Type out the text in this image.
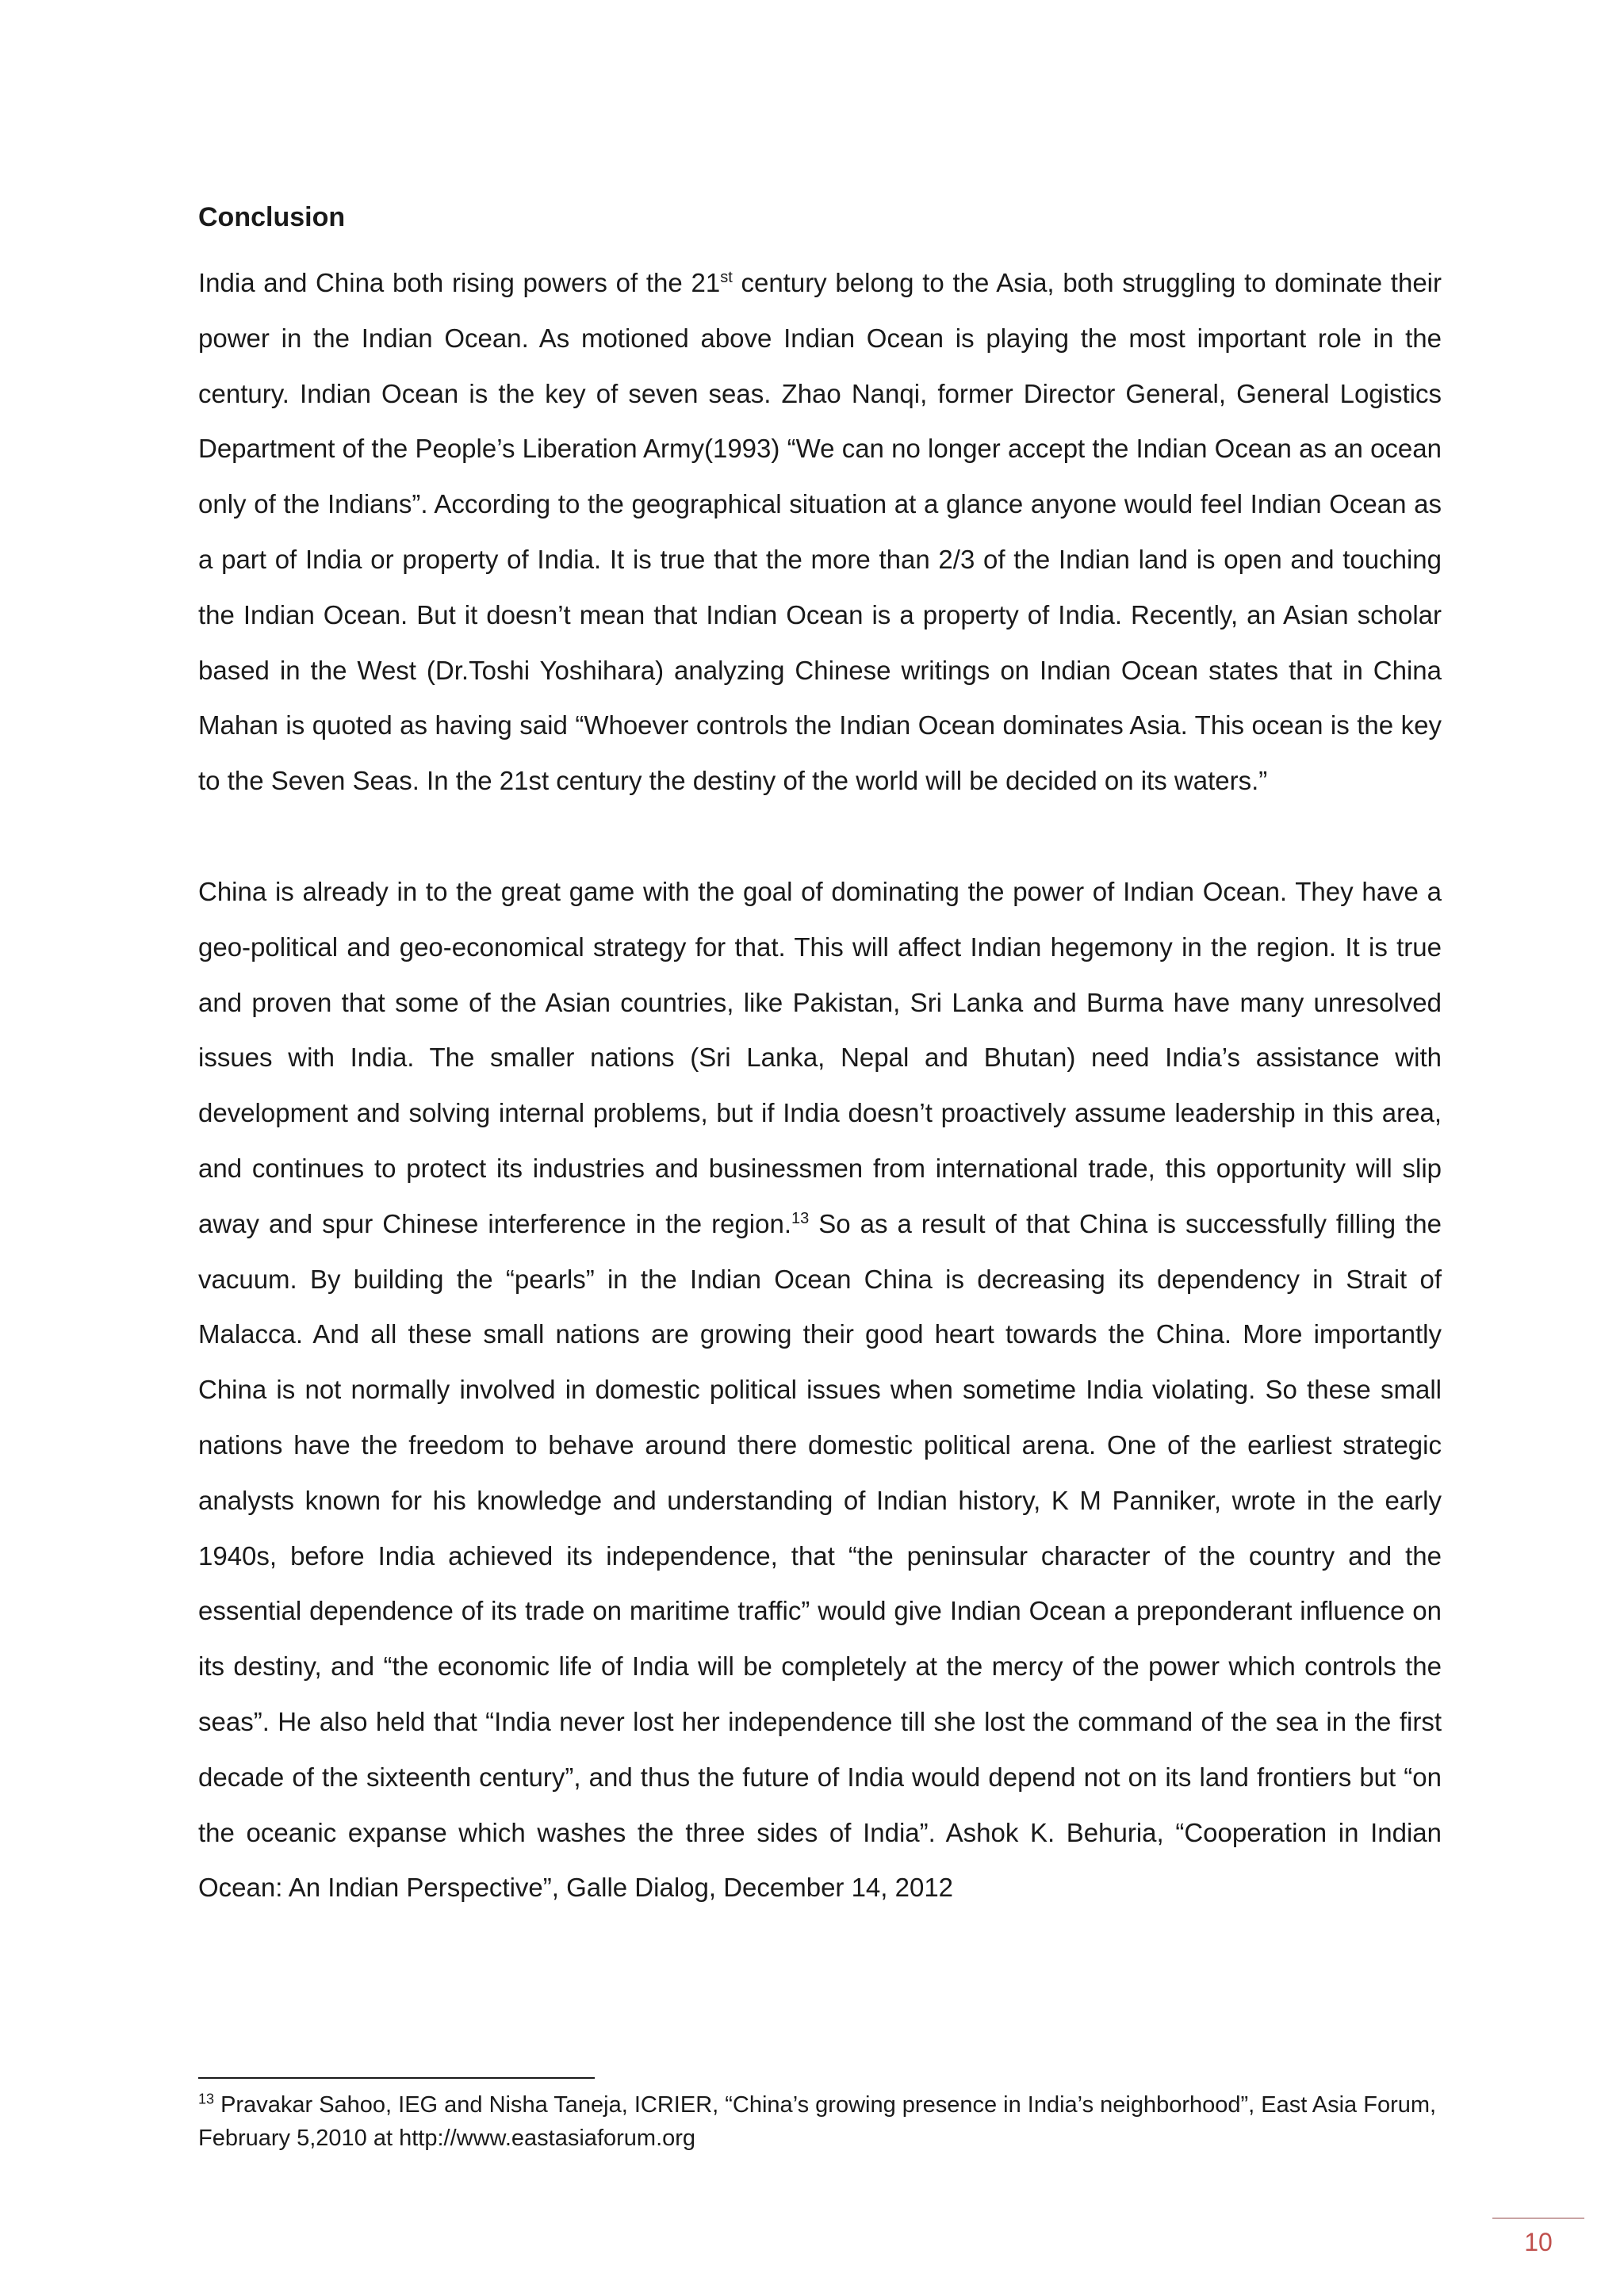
Conclusion

India and China both rising powers of the 21st century belong to the Asia, both struggling to dominate their power in the Indian Ocean. As motioned above Indian Ocean is playing the most important role in the century. Indian Ocean is the key of seven seas. Zhao Nanqi, former Director General, General Logistics Department of the People’s Liberation Army(1993) “We can no longer accept the Indian Ocean as an ocean only of the Indians”. According to the geographical situation at a glance anyone would feel Indian Ocean as a part of India or property of India. It is true that the more than 2/3 of the Indian land is open and touching the Indian Ocean. But it doesn’t mean that Indian Ocean is a property of India. Recently, an Asian scholar based in the West (Dr.Toshi Yoshihara) analyzing Chinese writings on Indian Ocean states that in China Mahan is quoted as having said “Whoever controls the Indian Ocean dominates Asia. This ocean is the key to the Seven Seas. In the 21st century the destiny of the world will be decided on its waters.”

China is already in to the great game with the goal of dominating the power of Indian Ocean. They have a geo-political and geo-economical strategy for that. This will affect Indian hegemony in the region. It is true and proven that some of the Asian countries, like Pakistan, Sri Lanka and Burma have many unresolved issues with India. The smaller nations (Sri Lanka, Nepal and Bhutan) need India’s assistance with development and solving internal problems, but if India doesn’t proactively assume leadership in this area, and continues to protect its industries and businessmen from international trade, this opportunity will slip away and spur Chinese interference in the region.$^{13}$ So as a result of that China is successfully filling the vacuum. By building the “pearls” in the Indian Ocean China is decreasing its dependency in Strait of Malacca. And all these small nations are growing their good heart towards the China. More importantly China is not normally involved in domestic political issues when sometime India violating. So these small nations have the freedom to behave around there domestic political arena. One of the earliest strategic analysts known for his knowledge and understanding of Indian history, K M Panniker, wrote in the early 1940s, before India achieved its independence, that “the peninsular character of the country and the essential dependence of its trade on maritime traffic” would give Indian Ocean a preponderant influence on its destiny, and “the economic life of India will be completely at the mercy of the power which controls the seas”. He also held that “India never lost her independence till she lost the command of the sea in the first decade of the sixteenth century”, and thus the future of India would depend not on its land frontiers but “on the oceanic expanse which washes the three sides of India”. Ashok K. Behuria, “Cooperation in Indian Ocean: An Indian Perspective”, Galle Dialog, December 14, 2012

$^{13}$ Pravakar Sahoo, IEG and Nisha Taneja, ICRIER, “China’s growing presence in India’s neighborhood”, East Asia Forum, February 5,2010 at http://www.eastasiaforum.org

10
